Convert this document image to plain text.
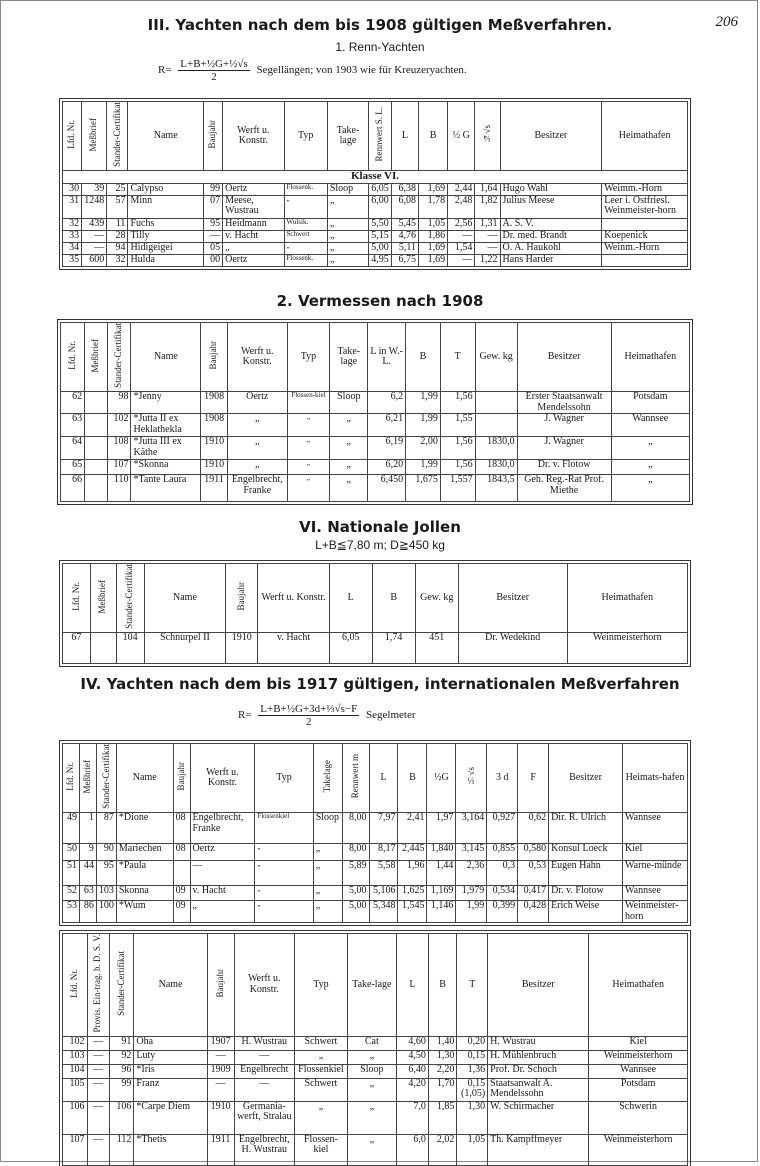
206
III. Yachten nach dem bis 1908 gültigen Meßverfahren.
1. Renn-Yachten
$R= \frac{\text{L+B+½G+½√s}}{2}$ Segellängen; von 1903 wie für Kreuzeryachten.
Lfd. Nr.	Meßbrief	Stander-Certifikat	Name	Baujahr	Werft u. Konstr.	Typ	Take-lage	Rennwert S. L.	L	B	½ G	¼√s	Besitzer	Heimathafen
Klasse VI.														
30	39	25	Calypso	99	Oertz	Flossenk.	Sloop	6,05	6,38	1,69	2,44	1,64	Hugo Wahl	Weimm.-Horn
31	1248	57	Minn	07	Meese, Wustrau	„	„	6,00	6,08	1,78	2,48	1,82	Julius Meese	Leer i. Ostfriesl. Weinmeister-horn
32	439	11	Fuchs	95	Heidmann	Wulsik.	„	5,50	5,45	1,05	2,56	1,31	A. S. V.	
33	—	28	Tilly	—	v. Hacht	Schwert	„	5,15	4,76	1,86	—	—	Dr. med. Brandt	Koepenick
34	—	94	Hidigeigei	05	„	„	„	5,00	5,11	1,69	1,54	—	O. A. Haukohl	Weinm.-Horn
35	600	32	Hulda	00	Oertz	Flossenk.	„	4,95	6,75	1,69	—	1,22	Hans Harder	
2. Vermessen nach 1908
Lfd. Nr.	Meßbrief	Stander-Certifikat	Name	Baujahr	Werft u. Konstr.	Typ	Take-lage	L in W.-L.	B	T	Gew. kg	Besitzer	Heimathafen
62		98	*Jenny	1908	Oertz	Flossen-kiel	Sloop	6,2	1,99	1,56		Erster Staatsanwalt Mendelssohn	Potsdam
63		102	*Jutta II ex Heklathekla	1908	„	„	„	6,21	1,99	1,55		J. Wagner	Wannsee
64		108	*Jutta III ex Käthe	1910	„	„	„	6,19	2,00	1,56	1830,0	J. Wagner	„
65		107	*Skonna	1910	„	„	„	6,20	1,99	1,56	1830,0	Dr. v. Flotow	„
66		110	*Tante Laura	1911	Engelbrecht, Franke	„	„	6,450	1,675	1,557	1843,5	Geh. Reg.-Rat Prof. Miethe	„
VI. Nationale Jollen
L+B≦7,80 m; D≧450 kg
Lfd. Nr.	Meßbrief	Stander-Certifikat	Name	Baujahr	Werft u. Konstr.	L	B	Gew. kg	Besitzer	Heimathafen
67		104	Schnurpel II	1910	v. Hacht	6,05	1,74	451	Dr. Wedekind	Weinmeisterhorn
IV. Yachten nach dem bis 1917 gültigen, internationalen Meßverfahren
$R= \frac{\text{L+B+½G+3d+⅓√s−F}}{2}$ Segelmeter
Lfd. Nr.	Meßbrief	Stander-Certifikat	Name	Baujahr	Werft u. Konstr.	Typ	Takelage	Rennwert m	L	B	½G	⅓√s	3 d	F	Besitzer	Heimats-hafen
49	1	87	*Dione	08	Engelbrecht, Franke	Flossenkiel	Sloop	8,00	7,97	2,41	1,97	3,164	0,927	0,62	Dir. R. Ulrich	Wannsee
50	9	90	Mariechen	08	Oertz	„	„	8,00	8,17	2,445	1,840	3,145	0,855	0,580	Konsul Loeck	Kiel
51	44	95	*Paula		—	„	„	5,89	5,58	1,96	1,44	2,36	0,3	0,53	Eugen Hahn	Warne-münde
52	63	103	Skonna	09	v. Hacht	„	„	5,00	5,106	1,625	1,169	1,979	0,534	0,417	Dr. v. Flotow	Wannsee
53	86	100	*Wum	09	„	„	„	5,00	5,348	1,545	1,146	1,99	0,399	0,428	Erich Weise	Weinmeister-horn
Lfd. Nr.	Provis. Ein-trag. b. D. S. V.	Stander-Certifikat	Name	Baujahr	Werft u. Konstr.	Typ	Take-lage	L	B	T	Besitzer	Heimathafen
102	—	91	Oha	1907	H. Wustrau	Schwert	Cat	4,60	1,40	0,20	H. Wustrau	Kiel
103	—	92	Luty	—	—	„	„	4,50	1,30	0,15	H. Mühlenbruch	Weinmeisterhorn
104	—	96	*Iris	1909	Engelbrecht	Flossenkiel	Sloop	6,40	2,20	1,36	Prof. Dr. Schoch	Wannsee
105	—	99	Franz	—	—	Schwert	„	4,20	1,70	0,15 (1,05)	Staatsanwalt A. Mendelssohn	Potsdam
106	—	106	*Carpe Diem	1910	Germania-werft, Stralau	„	„	7,0	1,85	1,30	W. Schirmacher	Schwerin
107	—	112	*Thetis	1911	Engelbrecht, H. Wustrau	Flossen-kiel	„	6,0	2,02	1,05	Th. Kampffmeyer	Weinmeisterhorn
